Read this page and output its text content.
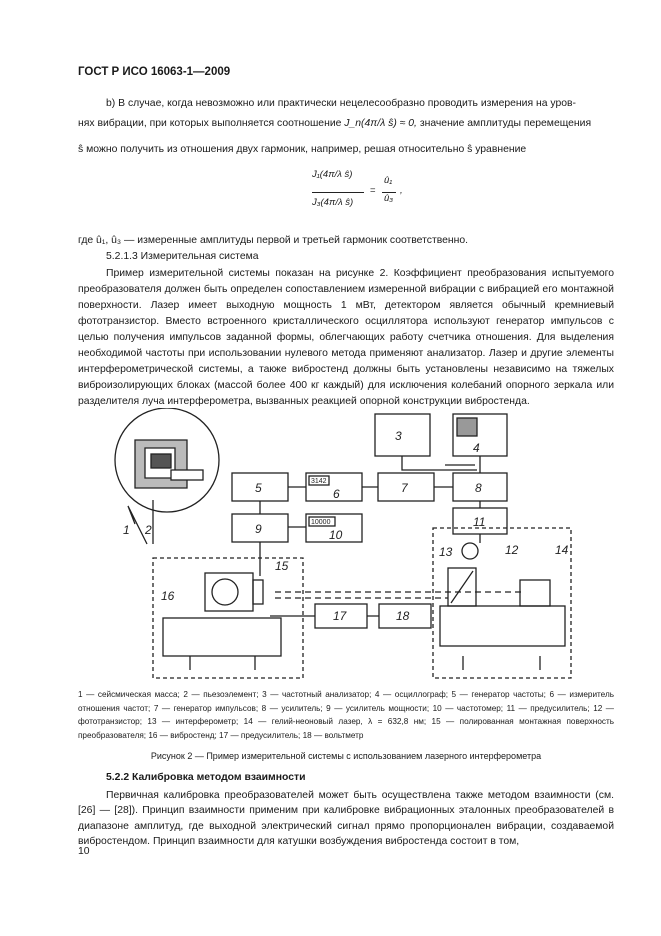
ГОСТ Р ИСО 16063-1—2009
b) В случае, когда невозможно или практически нецелесообразно проводить измерения на уров-
нях вибрации, при которых выполняется соотношение J_n(4π/λ ŝ) ≈ 0, значение амплитуды перемещения
ŝ можно получить из отношения двух гармоник, например, решая относительно ŝ уравнение
J₁(4π/λ ŝ)
J₃(4π/λ ŝ)
=
û₁
û₃
,
где û₁, û₃ — измеренные амплитуды первой и третьей гармоник соответственно.
5.2.1.3 Измерительная система
Пример измерительной системы показан на рисунке 2. Коэффициент преобразования испытуемого преобразователя должен быть определен сопоставлением измеренной вибрации с вибрацией его монтажной поверхности. Лазер имеет выходную мощность 1 мВт, детектором является обычный кремниевый фототранзистор. Вместо встроенного кристаллического осциллятора используют генератор импульсов с целью получения импульсов заданной формы, облегчающих работу счетчика отношения. Для выделения необходимой частоты при использовании нулевого метода применяют анализатор. Лазер и другие элементы интерферометрической системы, а также вибростенд должны быть установлены независимо на тяжелых виброизолирующих блоках (массой более 400 кг каждый) для исключения колебаний опорного зеркала или разделителя луча интерферометра, вызванных реакцией опорной конструкции вибростенда.
1 2
3
4
5	6	7	8
9	10
11
12
13	14
15
16
17	18
3142
10000
1 — сейсмическая масса; 2 — пьезоэлемент; 3 — частотный анализатор; 4 — осциллограф; 5 — генератор частоты; 6 — измеритель отношения частот; 7 — генератор импульсов; 8 — усилитель; 9 — усилитель мощности; 10 — частотомер; 11 — предусилитель; 12 — фототранзистор; 13 — интерферометр; 14 — гелий-неоновый лазер, λ = 632,8 нм; 15 — полированная монтажная поверхность преобразователя; 16 — вибростенд; 17 — предусилитель; 18 — вольтметр
Рисунок 2 — Пример измерительной системы с использованием лазерного интерферометра
5.2.2 Калибровка методом взаимности
Первичная калибровка преобразователей может быть осуществлена также методом взаимности (см. [26] — [28]). Принцип взаимности применим при калибровке вибрационных эталонных преобразователей в диапазоне амплитуд, где выходной электрический сигнал прямо пропорционален вибрации, создаваемой вибростендом. Принцип взаимности для катушки возбуждения вибростенда состоит в том,
10
